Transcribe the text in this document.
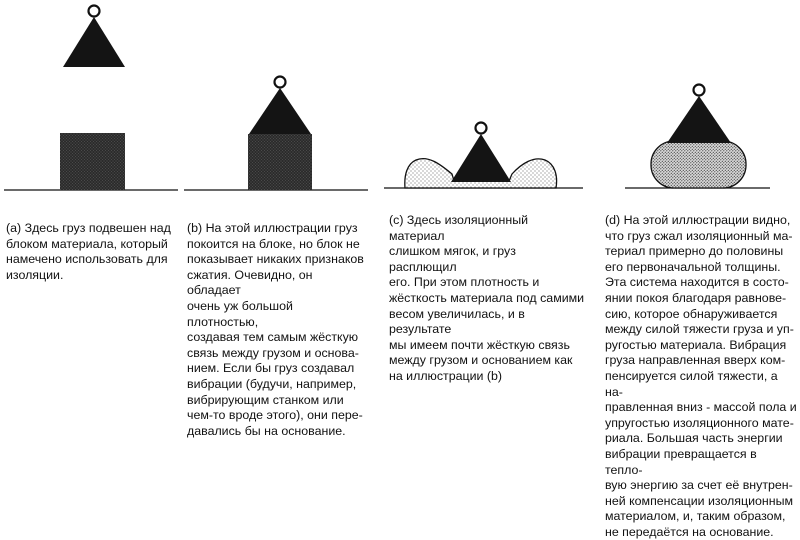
(a) Здесь груз подвешен над
блоком материала, который
намечено использовать для
изоляции.
(b) На этой иллюстрации груз
покоится на блоке, но блок не
показывает никаких признаков
сжатия. Очевидно, он обладает
очень уж большой плотностью,
создавая тем самым жёсткую
связь между грузом и основа-
нием. Если бы груз создавал
вибрации (будучи, например,
вибрирующим станком или
чем-то вроде этого), они пере-
давались бы на основание.
(c) Здесь изоляционный материал
слишком мягок, и груз расплющил
его. При этом плотность и
жёсткость материала под самими
весом увеличилась, и в результате
мы имеем почти жёсткую связь
между грузом и основанием как
на иллюстрации (b)
(d) На этой иллюстрации видно,
что груз сжал изоляционный ма-
териал примерно до половины
его первоначальной толщины.
Эта система находится в состо-
янии покоя благодаря равнове-
сию, которое обнаруживается
между силой тяжести груза и уп-
ругостью материала. Вибрация
груза направленная вверх ком-
пенсируется силой тяжести, а на-
правленная вниз - массой пола и
упругостью изоляционного мате-
риала. Большая часть энергии
вибрации превращается в тепло-
вую энергию за счет её внутрен-
ней компенсации изоляционным
материалом, и, таким образом,
не передаётся на основание.
